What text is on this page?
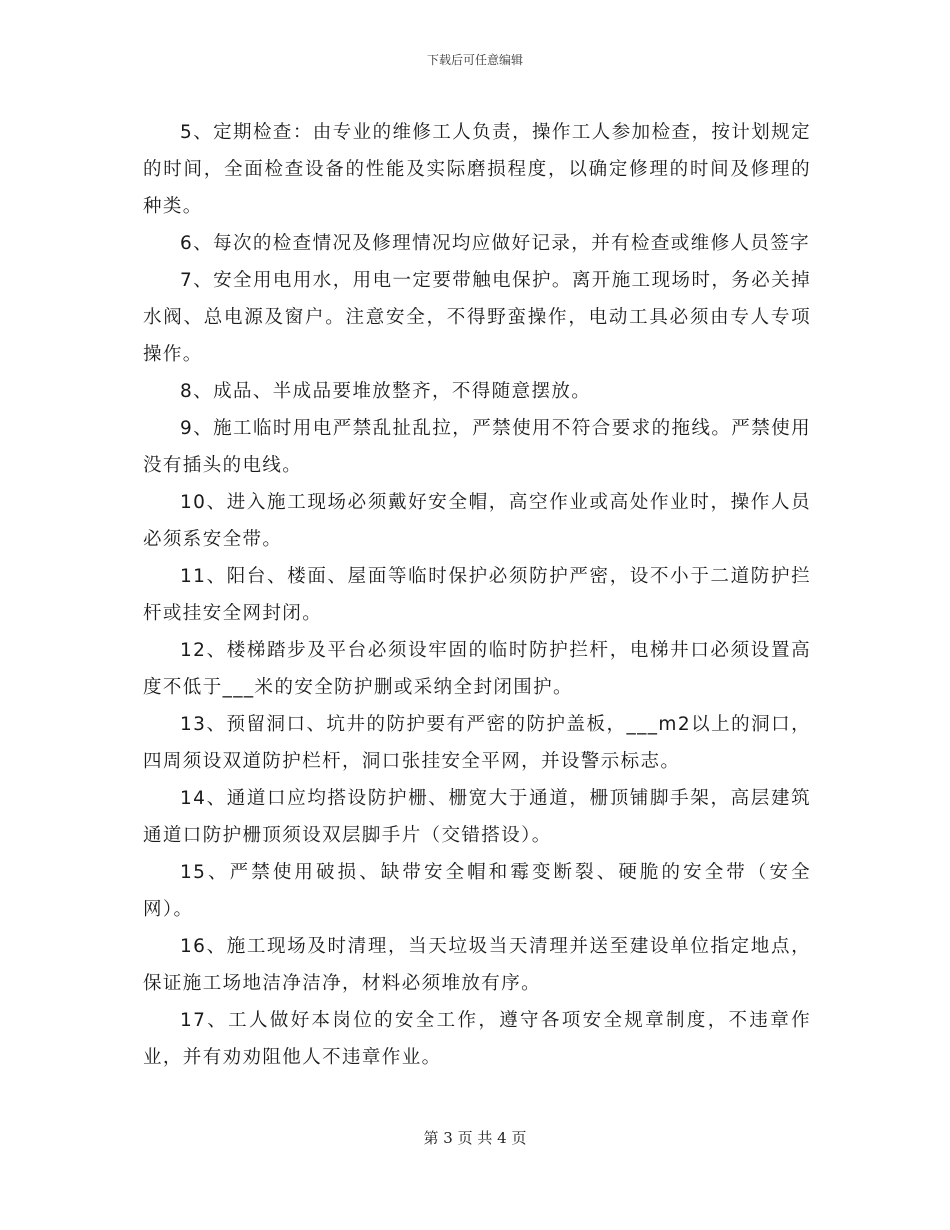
下载后可任意编辑

5、定期检查：由专业的维修工人负责，操作工人参加检查，按计划规定的时间，全面检查设备的性能及实际磨损程度，以确定修理的时间及修理的种类。

6、每次的检查情况及修理情况均应做好记录，并有检查或维修人员签字

7、安全用电用水，用电一定要带触电保护。离开施工现场时，务必关掉水阀、总电源及窗户。注意安全，不得野蛮操作，电动工具必须由专人专项操作。

8、成品、半成品要堆放整齐，不得随意摆放。

9、施工临时用电严禁乱扯乱拉，严禁使用不符合要求的拖线。严禁使用没有插头的电线。

10、进入施工现场必须戴好安全帽，高空作业或高处作业时，操作人员必须系安全带。

11、阳台、楼面、屋面等临时保护必须防护严密，设不小于二道防护拦杆或挂安全网封闭。

12、楼梯踏步及平台必须设牢固的临时防护拦杆，电梯井口必须设置高度不低于___米的安全防护删或采纳全封闭围护。

13、预留洞口、坑井的防护要有严密的防护盖板，___m2以上的洞口，四周须设双道防护栏杆，洞口张挂安全平网，并设警示标志。

14、通道口应均搭设防护栅、栅宽大于通道，栅顶铺脚手架，高层建筑通道口防护栅顶须设双层脚手片（交错搭设）。

15、严禁使用破损、缺带安全帽和霉变断裂、硬脆的安全带（安全网）。

16、施工现场及时清理，当天垃圾当天清理并送至建设单位指定地点，保证施工场地洁净洁净，材料必须堆放有序。

17、工人做好本岗位的安全工作，遵守各项安全规章制度，不违章作业，并有劝劝阻他人不违章作业。

第 3 页 共 4 页
